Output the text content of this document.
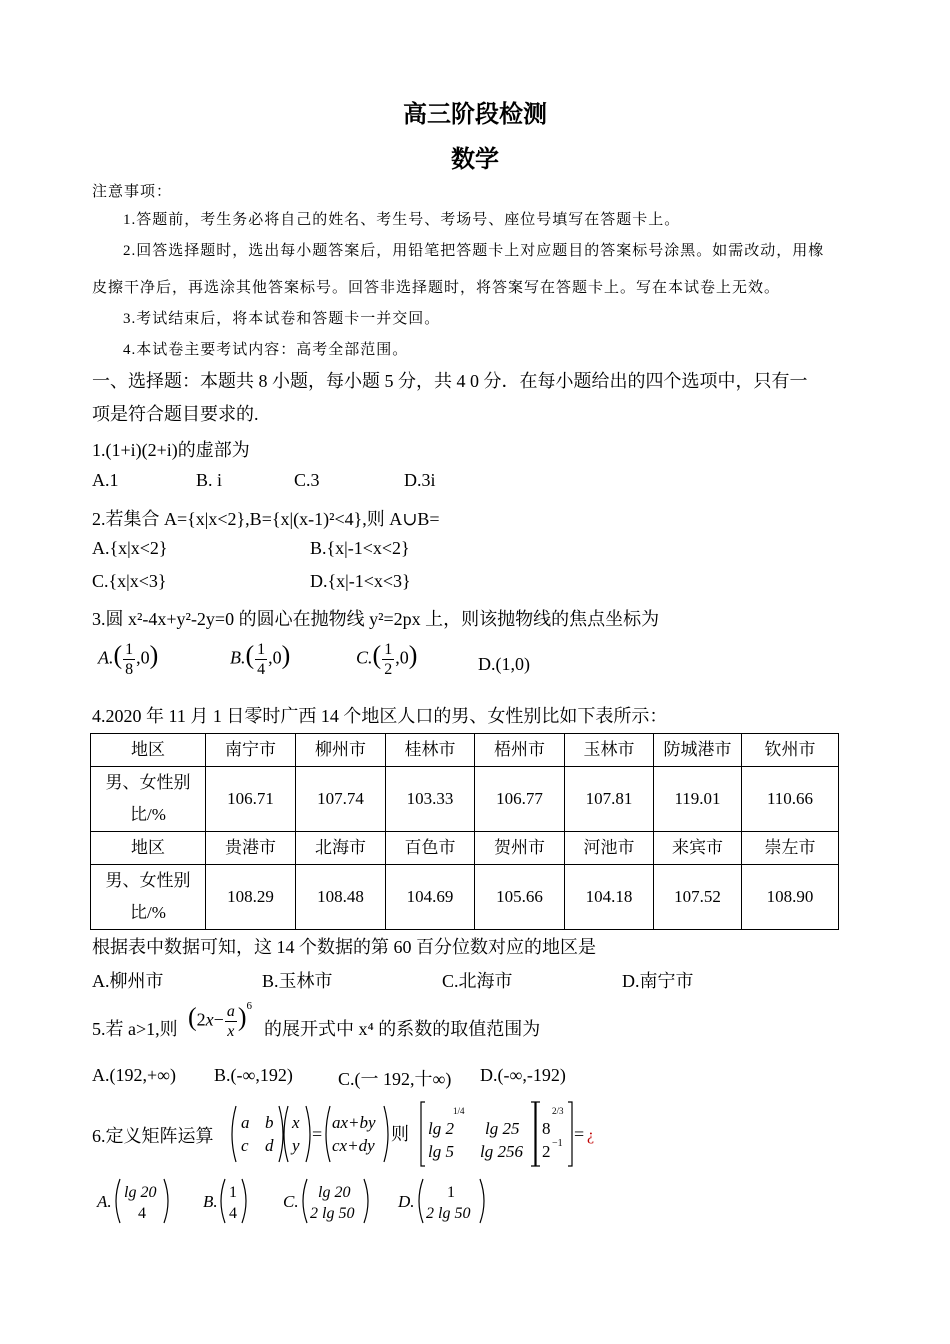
高三阶段检测
数学
注意事项：
1.答题前，考生务必将自己的姓名、考生号、考场号、座位号填写在答题卡上。
2.回答选择题时，选出每小题答案后，用铅笔把答题卡上对应题目的答案标号涂黑。如需改动，用橡
皮擦干净后，再选涂其他答案标号。回答非选择题时，将答案写在答题卡上。写在本试卷上无效。
3.考试结束后，将本试卷和答题卡一并交回。
4.本试卷主要考试内容：高考全部范围。
一、选择题：本题共 8 小题，每小题 5 分，共 4 0 分．在每小题给出的四个选项中，只有一
项是符合题目要求的.
1.(1+i)(2+i)的虚部为
A.1	B. i	C.3	D.3i
2.若集合 A={x|x<2},B={x|(x-1)²<4},则 A∪B=
A.{x|x<2}	B.{x|-1<x<2}
C.{x|x<3}	D.{x|-1<x<3}
3.圆 x²-4x+y²-2y=0 的圆心在抛物线 y²=2px 上，则该抛物线的焦点坐标为
$A.( \frac{1}{8} ,0)$	$B.( \frac{1}{4} ,0)$	$C.( \frac{1}{2} ,0)$	D.(1,0)
4.2020 年 11 月 1 日零时广西 14 个地区人口的男、女性别比如下表所示：
地区	南宁市	柳州市	桂林市	梧州市	玉林市	防城港市	钦州市

男、女性别
比/%	106.71	107.74	103.33	106.77	107.81	119.01	110.66
地区	贵港市	北海市	百色市	贺州市	河池市	来宾市	崇左市

男、女性别
比/%	108.29	108.48	104.69	105.66	104.18	107.52	108.90
根据表中数据可知，这 14 个数据的第 60 百分位数对应的地区是
A.柳州市	B.玉林市	C.北海市	D.南宁市
5.若 a>1,则 $(2x- \frac{a}{x} )^6$
的展开式中 x⁴ 的系数的取值范围为
A.(192,+∞) B.(-∞,192)	C.(一 192,十∞) D.(-∞,-192)
6.定义矩阵运算
a b
c d
x
y
=
ax+by
cx+dy
则 lg 2
1/4
lg 25
lg 5 lg 256
8
2/3
2 −1 = ¿
A. lg 20
4
B. 1
4
C. lg 20
2 lg 50
D. 1
2 lg 50
